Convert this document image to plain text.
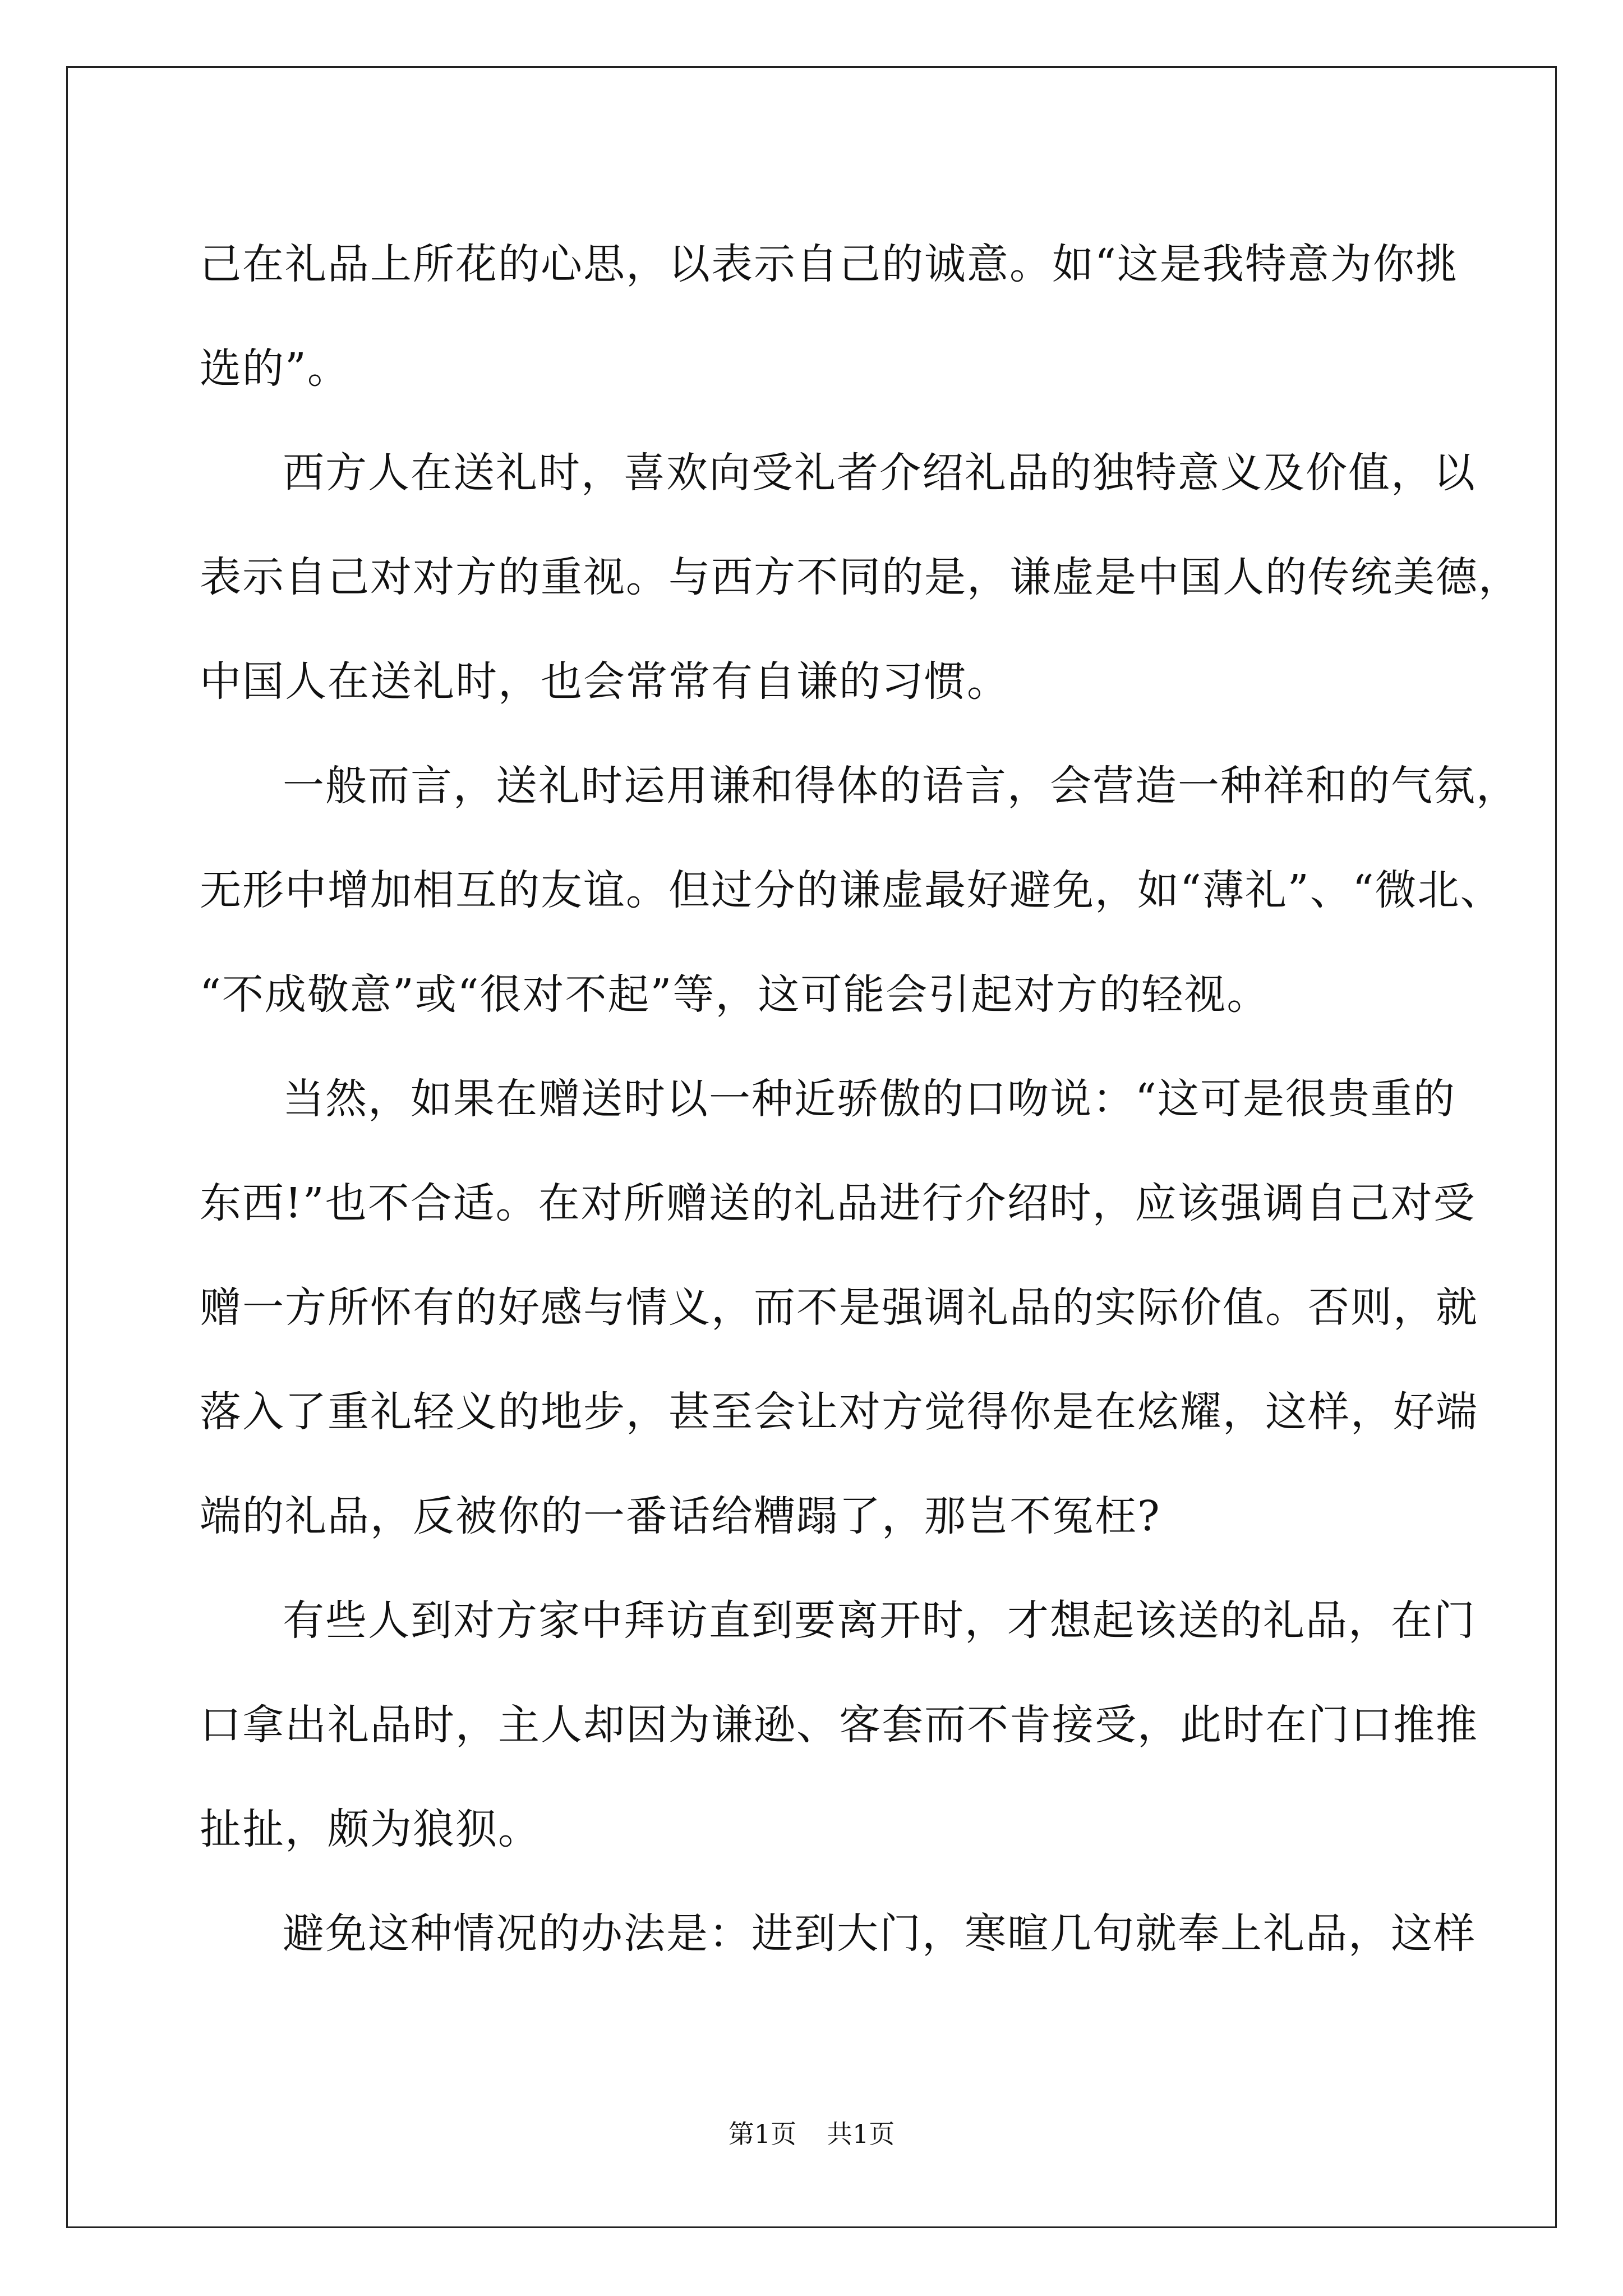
己在礼品上所花的心思，以表示自己的诚意。如“这是我特意为你挑
选的”。
西方人在送礼时，喜欢向受礼者介绍礼品的独特意义及价值，以
表示自己对对方的重视。与西方不同的是，谦虚是中国人的传统美德，
中国人在送礼时，也会常常有自谦的习惯。
一般而言，送礼时运用谦和得体的语言，会营造一种祥和的气氛，
无形中增加相互的友谊。但过分的谦虚最好避免，如“薄礼”、“微北、
“不成敬意”或“很对不起”等，这可能会引起对方的轻视。
当然，如果在赠送时以一种近骄傲的口吻说：“这可是很贵重的
东西!”也不合适。在对所赠送的礼品进行介绍时，应该强调自己对受
赠一方所怀有的好感与情义，而不是强调礼品的实际价值。否则，就
落入了重礼轻义的地步，甚至会让对方觉得你是在炫耀，这样，好端
端的礼品，反被你的一番话给糟蹋了，那岂不冤枉?
有些人到对方家中拜访直到要离开时，才想起该送的礼品，在门
口拿出礼品时，主人却因为谦逊、客套而不肯接受，此时在门口推推
扯扯，颇为狼狈。
避免这种情况的办法是：进到大门，寒暄几句就奉上礼品，这样
第1页 共1页
